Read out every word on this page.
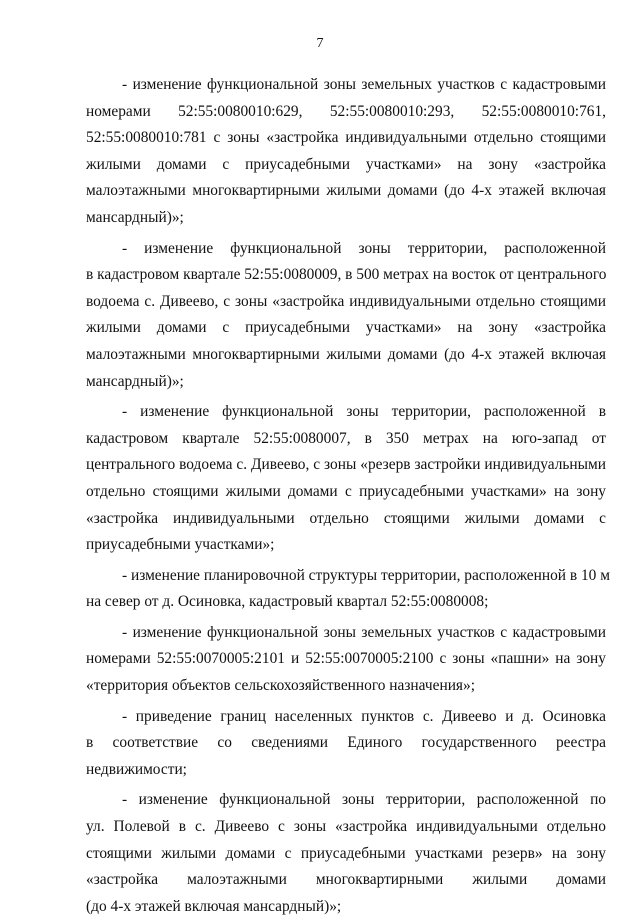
7
- изменение функциональной зоны земельных участков с кадастровыми
номерами 52:55:0080010:629, 52:55:0080010:293, 52:55:0080010:761,
52:55:0080010:781 с зоны «застройка индивидуальными отдельно стоящими
жилыми домами с приусадебными участками» на зону «застройка
малоэтажными многоквартирными жилыми домами (до 4-х этажей включая
мансардный)»;
- изменение функциональной зоны территории, расположенной
в кадастровом квартале 52:55:0080009, в 500 метрах на восток от центрального
водоема с. Дивеево, с зоны «застройка индивидуальными отдельно стоящими
жилыми домами с приусадебными участками» на зону «застройка
малоэтажными многоквартирными жилыми домами (до 4-х этажей включая
мансардный)»;
- изменение функциональной зоны территории, расположенной в
кадастровом квартале 52:55:0080007, в 350 метрах на юго-запад от
центрального водоема с. Дивеево, с зоны «резерв застройки индивидуальными
отдельно стоящими жилыми домами с приусадебными участками» на зону
«застройка индивидуальными отдельно стоящими жилыми домами с
приусадебными участками»;
- изменение планировочной структуры территории, расположенной в 10 м
на север от д. Осиновка, кадастровый квартал 52:55:0080008;
- изменение функциональной зоны земельных участков с кадастровыми
номерами 52:55:0070005:2101 и 52:55:0070005:2100 с зоны «пашни» на зону
«территория объектов сельскохозяйственного назначения»;
- приведение границ населенных пунктов с. Дивеево и д. Осиновка
в соответствие со сведениями Единого государственного реестра
недвижимости;
- изменение функциональной зоны территории, расположенной по
ул. Полевой в с. Дивеево с зоны «застройка индивидуальными отдельно
стоящими жилыми домами с приусадебными участками резерв» на зону
«застройка малоэтажными многоквартирными жилыми домами
(до 4-х этажей включая мансардный)»;
